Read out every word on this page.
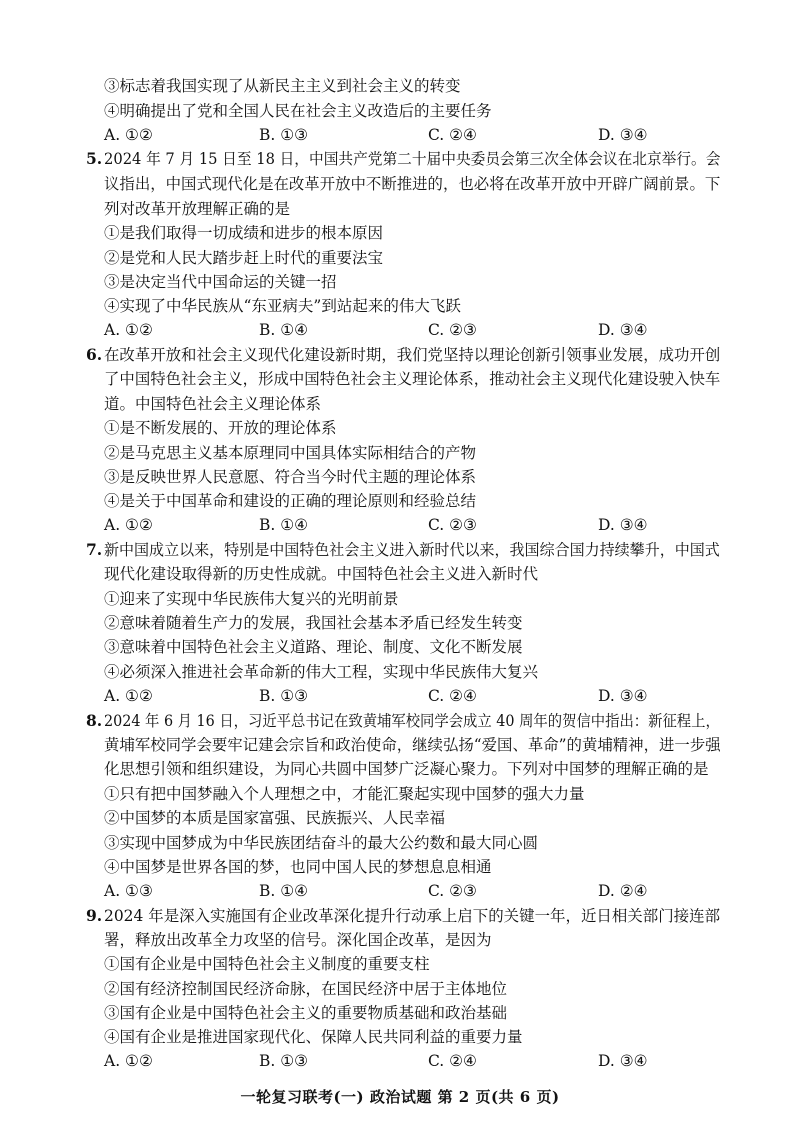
③标志着我国实现了从新民主主义到社会主义的转变
④明确提出了党和全国人民在社会主义改造后的主要任务
A. ①②	B. ①③	C. ②④	D. ③④
5. 2024 年 7 月 15 日至 18 日，中国共产党第二十届中央委员会第三次全体会议在北京举行。会
议指出，中国式现代化是在改革开放中不断推进的，也必将在改革开放中开辟广阔前景。下
列对改革开放理解正确的是
①是我们取得一切成绩和进步的根本原因
②是党和人民大踏步赶上时代的重要法宝
③是决定当代中国命运的关键一招
④实现了中华民族从“东亚病夫”到站起来的伟大飞跃
A. ①②	B. ①④	C. ②③	D. ③④
6. 在改革开放和社会主义现代化建设新时期，我们党坚持以理论创新引领事业发展，成功开创
了中国特色社会主义，形成中国特色社会主义理论体系，推动社会主义现代化建设驶入快车
道。中国特色社会主义理论体系
①是不断发展的、开放的理论体系
②是马克思主义基本原理同中国具体实际相结合的产物
③是反映世界人民意愿、符合当今时代主题的理论体系
④是关于中国革命和建设的正确的理论原则和经验总结
A. ①②	B. ①④	C. ②③	D. ③④
7. 新中国成立以来，特别是中国特色社会主义进入新时代以来，我国综合国力持续攀升，中国式
现代化建设取得新的历史性成就。中国特色社会主义进入新时代
①迎来了实现中华民族伟大复兴的光明前景
②意味着随着生产力的发展，我国社会基本矛盾已经发生转变
③意味着中国特色社会主义道路、理论、制度、文化不断发展
④必须深入推进社会革命新的伟大工程，实现中华民族伟大复兴
A. ①②	B. ①③	C. ②④	D. ③④
8. 2024 年 6 月 16 日，习近平总书记在致黄埔军校同学会成立 40 周年的贺信中指出：新征程上，
黄埔军校同学会要牢记建会宗旨和政治使命，继续弘扬“爱国、革命”的黄埔精神，进一步强
化思想引领和组织建设，为同心共圆中国梦广泛凝心聚力。下列对中国梦的理解正确的是
①只有把中国梦融入个人理想之中，才能汇聚起实现中国梦的强大力量
②中国梦的本质是国家富强、民族振兴、人民幸福
③实现中国梦成为中华民族团结奋斗的最大公约数和最大同心圆
④中国梦是世界各国的梦，也同中国人民的梦想息息相通
A. ①③	B. ①④	C. ②③	D. ②④
9. 2024 年是深入实施国有企业改革深化提升行动承上启下的关键一年，近日相关部门接连部
署，释放出改革全力攻坚的信号。深化国企改革，是因为
①国有企业是中国特色社会主义制度的重要支柱
②国有经济控制国民经济命脉，在国民经济中居于主体地位
③国有企业是中国特色社会主义的重要物质基础和政治基础
④国有企业是推进国家现代化、保障人民共同利益的重要力量
A. ①②	B. ①③	C. ②④	D. ③④
一轮复习联考(一) 政治试题 第 2 页(共 6 页)
